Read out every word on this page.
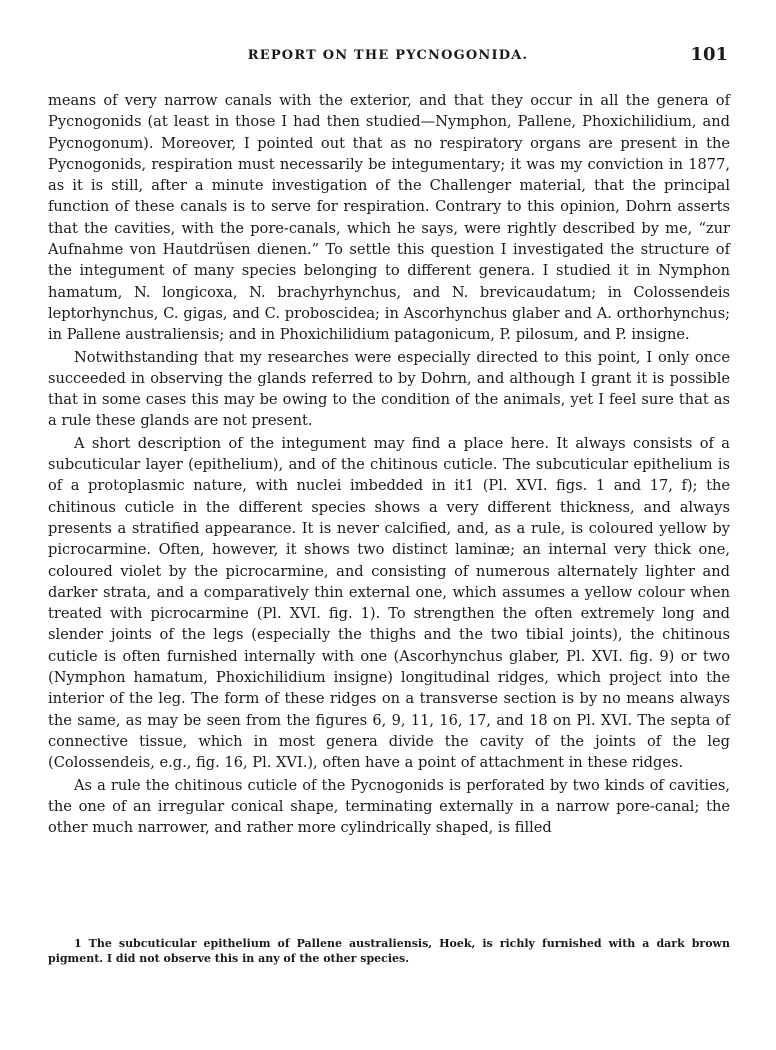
REPORT ON THE PYCNOGONIDA.	101

means of very narrow canals with the exterior, and that they occur in all the genera of Pycnogonids (at least in those I had then studied—Nymphon, Pallene, Phoxichilidium, and Pycnogonum). Moreover, I pointed out that as no respiratory organs are present in the Pycnogonids, respiration must necessarily be integumentary; it was my conviction in 1877, as it is still, after a minute investigation of the Challenger material, that the principal function of these canals is to serve for respiration. Contrary to this opinion, Dohrn asserts that the cavities, with the pore-canals, which he says, were rightly described by me, “zur Aufnahme von Hautdrüsen dienen.” To settle this question I investigated the structure of the integument of many species belonging to different genera. I studied it in Nymphon hamatum, N. longicoxa, N. brachyrhynchus, and N. brevicaudatum; in Colossendeis leptorhynchus, C. gigas, and C. proboscidea; in Ascorhynchus glaber and A. orthorhynchus; in Pallene australiensis; and in Phoxichilidium patagonicum, P. pilosum, and P. insigne.

Notwithstanding that my researches were especially directed to this point, I only once succeeded in observing the glands referred to by Dohrn, and although I grant it is possible that in some cases this may be owing to the condition of the animals, yet I feel sure that as a rule these glands are not present.

A short description of the integument may find a place here. It always consists of a subcuticular layer (epithelium), and of the chitinous cuticle. The subcuticular epithelium is of a protoplasmic nature, with nuclei imbedded in it1 (Pl. XVI. figs. 1 and 17, f); the chitinous cuticle in the different species shows a very different thickness, and always presents a stratified appearance. It is never calcified, and, as a rule, is coloured yellow by picrocarmine. Often, however, it shows two distinct laminæ; an internal very thick one, coloured violet by the picrocarmine, and consisting of numerous alternately lighter and darker strata, and a comparatively thin external one, which assumes a yellow colour when treated with picrocarmine (Pl. XVI. fig. 1). To strengthen the often extremely long and slender joints of the legs (especially the thighs and the two tibial joints), the chitinous cuticle is often furnished internally with one (Ascorhynchus glaber, Pl. XVI. fig. 9) or two (Nymphon hamatum, Phoxichilidium insigne) longitudinal ridges, which project into the interior of the leg. The form of these ridges on a transverse section is by no means always the same, as may be seen from the figures 6, 9, 11, 16, 17, and 18 on Pl. XVI. The septa of connective tissue, which in most genera divide the cavity of the joints of the leg (Colossendeis, e.g., fig. 16, Pl. XVI.), often have a point of attachment in these ridges.

As a rule the chitinous cuticle of the Pycnogonids is perforated by two kinds of cavities, the one of an irregular conical shape, terminating externally in a narrow pore-canal; the other much narrower, and rather more cylindrically shaped, is filled

1 The subcuticular epithelium of Pallene australiensis, Hoek, is richly furnished with a dark brown pigment. I did not observe this in any of the other species.
